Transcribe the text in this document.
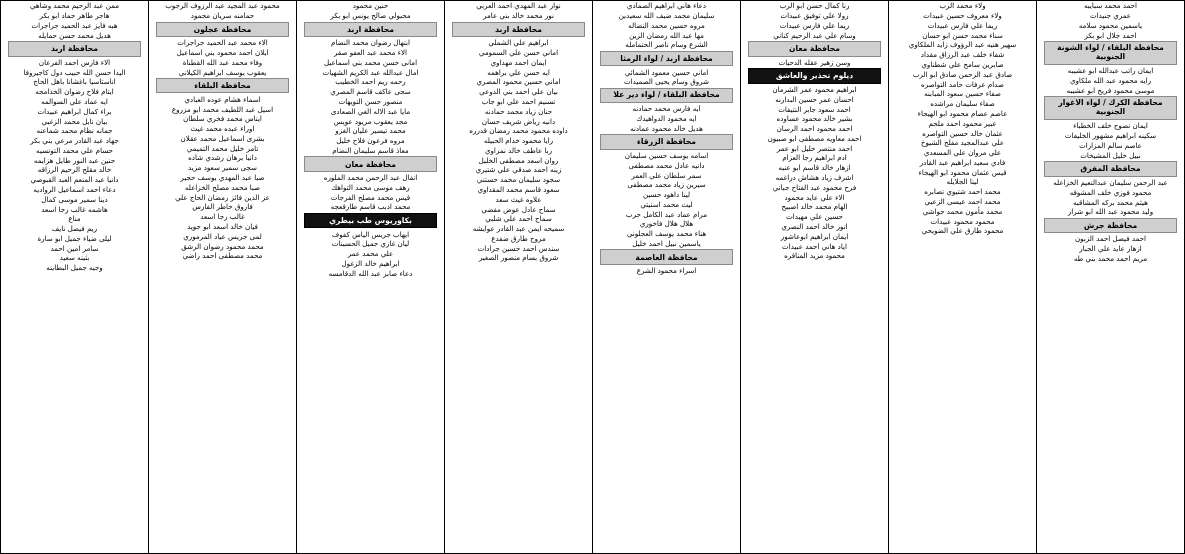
احمد محمد سبايبه
عمري جنيدات
ياسمين محمود سلامه
احمد جلال ابو بكر
محافظة البلقاء / لواء الشونة الجنوبية
ايمان راتب عبدالله ابو عشيبه
رايه محمود عبد الله ملكاوي
موسى محمود فريح ابو عشيبه
محافظة الكرك / لواء الاغوار الجنوبية
ايمان نصوح خلف الخطباء
سكينه ابراهيم مشهور الخليفات
عاصم سالم المزارات
نبيل خليل المشيخات
محافظة المفرق
عبد الرحمن سليمان عبدالنعيم الخزاعله
محمود فوزي خلف المشوقه
هيثم محمد بركه المشاقبه
وليد محمود عبد الله ابو شرار
محافظة جرش
احمد فيصل احمد الزبون
ازهار عايد علي الجبار
مريم احمد محمد بني طه
ولاء محمد الرب
ولاء معروف حسين عبيدات
ريما علي فارس عبيدات
سناء محمد حسن ابو حسان
سهير هنيه عبد الرؤوف زايد الملكاوي
شفاء خلف عبد الرزاق مقداد
صابرين سامح علي شطناوي
صادق عبد الرحمن صادق ابو الرب
صدام عرفات حامد التواصره
صفاء حسين سعود المبابنه
صفاء سليمان مراشده
عاصم عصام محمود ابو الهيجاء
عبير محمود احمد ملحم
عثمان خالد حسين التواصره
علي عبدالمجيد مفلح الشيوخ
علي مروان علي المسعدي
فادي سعيد ابراهيم عبد القادر
قيس عثمان محمود ابو الهيجاء
لينا الجلايله
محمد احمد شتيوي تصابره
محمد احمد عيسى الزعبي
محمد مأمون محمد جواشي
محمود محمود عبيدات
محمود طارق علي الضويحي
رنا كمال حسن ابو الرب
رولا علي توفيق عبيدات
ريما علي فارس عبيدات
وسام علي عبد الرحيم كناني
محافظة معان
وسن زهير عقله الدحيات
ديلوم تحذير والعاشق
ابراهيم محمود عمر الشرمان
احسان عمر حسين البدارنه
احمد سعود جابر النتيفات
بشير خالد محمود عساوده
احمد محمود احمد الرسان
احمد معاويه مصطفى ابو صبيون
احمد منتصر خليل ابو عمر
ادم ابراهيم رجا العزام
ازهار خالد قاسم ابو عنبه
اشرف زياد هشاش دراغمه
فرح محمود عبد الفتاح جباني
الاء علي عايد محمود
الهام محمد خالد اصبيح
حسين علي مهيدات
انور خالد احمد النصري
ايمان ابراهيم ابوعاشور
اياد هاني احمد عبيدات
محمود مزيد المناقره
دعاء هاني ابراهيم الصمادي
سليمان محمد ضيف الله سعيدين
مروه حسين محمد النضاله
مها عبد الله رمضان الزين
الشرع وسام ناصر الحتمامله
محافظة اربد / لواء الرمثا
اماني حسين معمود الشمائي
شروق وسام يحيى الصميدات
محافظة البلقاء / لواء دير علا
ايه فارس محمد حمادنه
ايه محمود الدواهيدك
هديل خالد محمود عمادنه
محافظة الزرقاء
اسامه يوسف حسين سليمان
دانيه عادل محمد مصطفى
سمر سلطان علي العمر
سيرين زياد محمد مصطفى
لينا داهود حسين
ليث محمد استيتي
مرام عماد عبد الكامل حرب
هلال هلال فاخوري
هناء محمد يوسف العجلوني
ياسمين نبيل احمد خليل
محافظة العاصمة
اسراء محمود الشرع
نوار عبد المهدي احمد العربي
نور محمد خالد بني عامر
محافظة اربد
ابراهيم علي الشملي
اماني حسن علي السمومي
ايمان احمد مهداوي
ايه حسن علي براهمه
اماني حسين محمود المصري
بيان علي احمد بني الدوعي
تسنيم احمد علي ابو جاب
حنان زياد محمد حمادنه
دانيه رياض شريف حسان
داوده محمود محمد رمضان قدرره
رايا محمود خدام الحبيله
ربا عاطف خالد نمراوي
روان اسعد مصطفى الخليل
زينه احمد صدقي علي شتيري
سجود سليمان محمد حستني
سعود قاسم محمد المقداوي
علاوه غيث سعد
سماح عادل عوض مفضي
سماح احمد علي شلبي
سميحه ايمن عبد القادر عوايشه
مروح طارق ضفدع
سندس احمد حسين جرادات
شروق بسام منصور الصغير
حنين محمود
محبولي صالح يونس ابو بكر
محافظة اربد
ابتهال رضوان محمد النضام
الاء محمد عبد العفو صقر
امانى حسن محمد بني اسماعيل
امال عبدالله عبد الكريم الشهيات
رحمه ريم احمد الخطيب
سجى عاكف قاسم المصري
منصور حسن التويهات
مايا عبد الاله الغي الصعادى
مجد يعقوب مريود عويس
محمد تيسير عليان الغزو
مروه فرعون فلاح خليل
معاذ قاسم سليمان النضام
محافظة معان
انفال عبد الرحمن محمد الملوره
رهف موسى محمد التواهك
قيس محمد مصلح الفرجات
محمد ادبب قاسم طارقعجه
بكاوريوس طب بيطري
ايهاب جريس الياس كفوف
ليان غازي جميل الحسينات
علي محمد عمر
ابراهيم خالد الزغول
دعاء صابر عبد الله الدقامسه
محمود عبد المجيد عبد الرزوف الرجوب
حمامنه سريان محمود
محافظة عجلون
الاء محمد عبد الحميد جراجرات
ايلان احمد محمود بني اسماعيل
وفاء محمد عبد الله القطناة
يعقوب يوسف ابراهيم الكيلاني
محافظة البلقاء
اسماء هشام عوده العبادي
اسيل عبد اللطيف محمد ابو مزروع
ايناس محمد فخري سلطان
اوراء عبده محمد غيث
بشرى اسماعيل محمد عقلان
تامر خليل محمد التميمي
دانيا برهان رشدي شاده
سجى سمير سعود مزيد
صبا عبد المهدي يوسف حجير
صبا محمد مصلح الخزاعله
عز الدين فائز رمضان الحاج علي
فاروق خاطر الفارس
غالب رجا اسعد
فيان خالد اسعد ابو جويد
لمى جريس عياد المرموري
محمد محمود رضوان الرشق
محمد مصطفى احمد راضي
ممن عبد الرحيم محمد وشاهي
هاجر طاهر حماد ابو بكر
هبه فايز عبد الحميد جراجرات
هديل محمد حسن حمايله
محافظة اربد
الاء فارس احمد الفرعان
اليدا حسن الله حبيب دول كاجيروفا
اناستاسيا باغشانا باهل الحاج
ايتام فلاح رضوان الخذامجه
ايه عماد علي السوالمه
براء كمال ابراهيم عبيدات
بيان نايل محمد الزغبي
جمانه نظام محمد شماعنه
جهاد عبد القادر مرعي بني بكر
حسام علي محمد التونسيه
حنين عبد النور طايل هزايمه
خالد مقلح الرحيم الرزاقه
دانيا عبد المنعم العبد القبوصي
دعاء احمد اسماعيل الرواديه
دينا سمير موسى كمال
هاشمه غالب رجا اسعد
مناع
ريم فيصل نايف
ليلى ضياء جميل ابو سارة
سامر امين احمد
بثينه سعيد
وجيه جميل البطاينه
